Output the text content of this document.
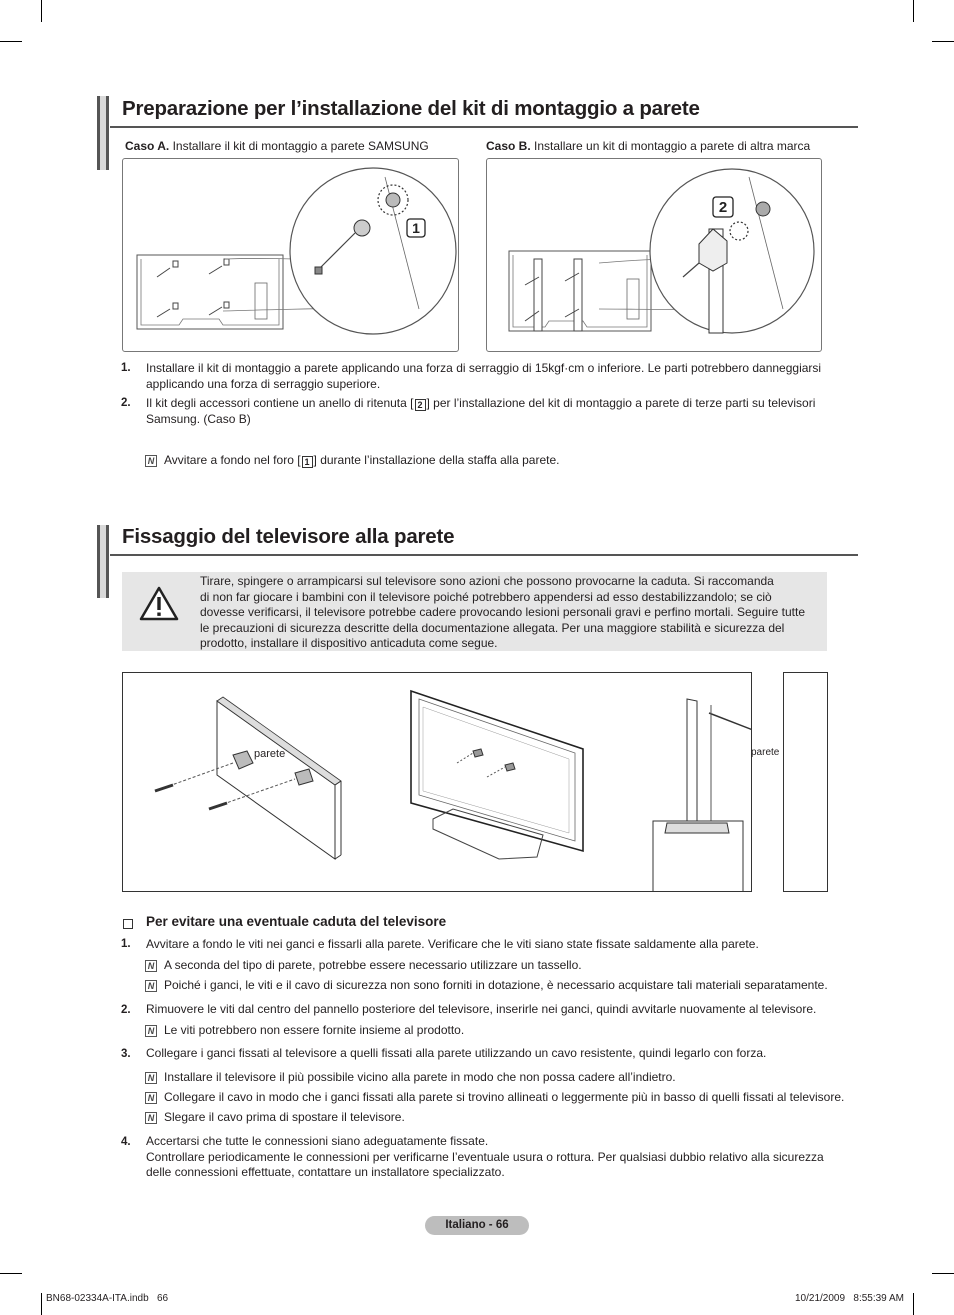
Preparazione per l’installazione del kit di montaggio a parete
Caso A. Installare il kit di montaggio a parete SAMSUNG	Caso B. Installare un kit di montaggio a parete di altra marca
1
2
1. Installare il kit di montaggio a parete applicando una forza di serraggio di 15kgf·cm o inferiore. Le parti potrebbero danneggiarsi
applicando una forza di serraggio superiore.
2. Il kit degli accessori contiene un anello di ritenuta [ 2 ] per l’installazione del kit di montaggio a parete di terze parti su televisori
Samsung. (Caso B)
N Avvitare a fondo nel foro [ 1 ] durante l’installazione della staffa alla parete.
Fissaggio del televisore alla parete
Tirare, spingere o arrampicarsi sul televisore sono azioni che possono provocarne la caduta. Si raccomanda
di non far giocare i bambini con il televisore poiché potrebbero appendersi ad esso destabilizzandolo; se ciò
dovesse verificarsi, il televisore potrebbe cadere provocando lesioni personali gravi e perfino mortali. Seguire tutte
le precauzioni di sicurezza descritte della documentazione allegata. Per una maggiore stabilità e sicurezza del
prodotto, installare il dispositivo anticaduta come segue.
parete	parete
Per evitare una eventuale caduta del televisore
1. Avvitare a fondo le viti nei ganci e fissarli alla parete. Verificare che le viti siano state fissate saldamente alla parete.
N A seconda del tipo di parete, potrebbe essere necessario utilizzare un tassello.
N Poiché i ganci, le viti e il cavo di sicurezza non sono forniti in dotazione, è necessario acquistare tali materiali separatamente.
2. Rimuovere le viti dal centro del pannello posteriore del televisore, inserirle nei ganci, quindi avvitarle nuovamente al televisore.
N Le viti potrebbero non essere fornite insieme al prodotto.
3. Collegare i ganci fissati al televisore a quelli fissati alla parete utilizzando un cavo resistente, quindi legarlo con forza.
N Installare il televisore il più possibile vicino alla parete in modo che non possa cadere all’indietro.
N Collegare il cavo in modo che i ganci fissati alla parete si trovino allineati o leggermente più in basso di quelli fissati al televisore.
N Slegare il cavo prima di spostare il televisore.
4. Accertarsi che tutte le connessioni siano adeguatamente fissate.
Controllare periodicamente le connessioni per verificarne l’eventuale usura o rottura. Per qualsiasi dubbio relativo alla sicurezza
delle connessioni effettuate, contattare un installatore specializzato.
Italiano - 66
BN68-02334A-ITA.indb   66	10/21/2009   8:55:39 AM
